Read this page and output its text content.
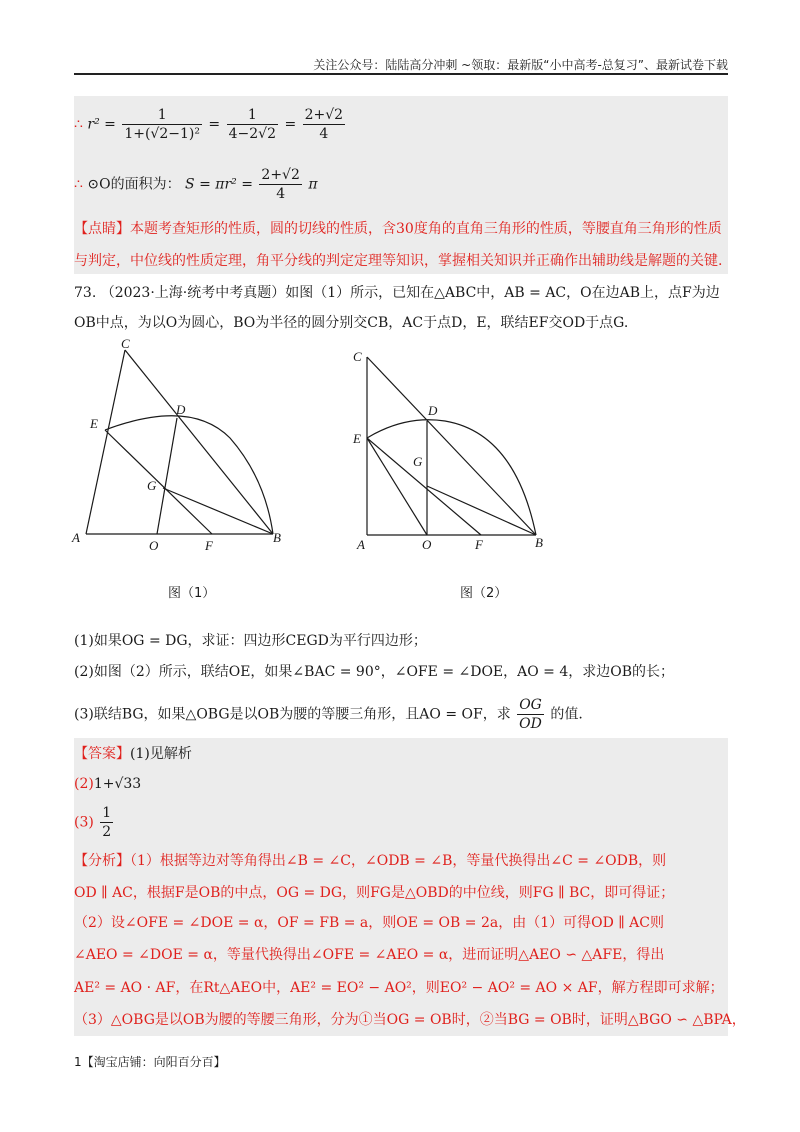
关注公众号：陆陆高分冲刺 ~领取：最新版“小中高考-总复习”、最新试卷下载
∴ $r^2 = \frac{1}{\text{1+(√2−1)²}} = \frac{1}{4-2√2} = \frac{2+√2}{4}$
∴ ⊙O的面积为： $S = \pi r^2 = \frac{2+√2}{4}$ π
【点睛】本题考查矩形的性质，圆的切线的性质，含30度角的直角三角形的性质，等腰直角三角形的性质
与判定，中位线的性质定理，角平分线的判定定理等知识，掌握相关知识并正确作出辅助线是解题的关键.
73. （2023·上海·统考中考真题）如图（1）所示，已知在△ABC中，AB = AC，O在边AB上，点F为边
OB中点，为以O为圆心，BO为半径的圆分别交CB，AC于点D，E，联结EF交OD于点G.
C
E
D
G
A
O	F
B
C
E
D
G
A	O	F	B
图（1）	图（2）
(1)如果OG = DG，求证：四边形CEGD为平行四边形；
(2)如图（2）所示，联结OE，如果∠BAC = 90°，∠OFE = ∠DOE，AO = 4，求边OB的长；
(3)联结BG，如果△OBG是以OB为腰的等腰三角形，且AO = OF，求 $\frac{OG}{OD}$ 的值.
【答案】(1)见解析
(2)1+√33
$(3) \frac{1}{2}$
【分析】（1）根据等边对等角得出∠B = ∠C，∠ODB = ∠B，等量代换得出∠C = ∠ODB，则
OD ∥ AC，根据F是OB的中点，OG = DG，则FG是△OBD的中位线，则FG ∥ BC，即可得证；
（2）设∠OFE = ∠DOE = α，OF = FB = a，则OE = OB = 2a，由（1）可得OD ∥ AC则
∠AEO = ∠DOE = α，等量代换得出∠OFE = ∠AEO = α，进而证明△AEO ∽ △AFE，得出
AE² = AO · AF，在Rt△AEO中，AE² = EO² − AO²，则EO² − AO² = AO × AF，解方程即可求解；
（3）△OBG是以OB为腰的等腰三角形，分为①当OG = OB时，②当BG = OB时，证明△BGO ∽ △BPA，
1【淘宝店铺：向阳百分百】
